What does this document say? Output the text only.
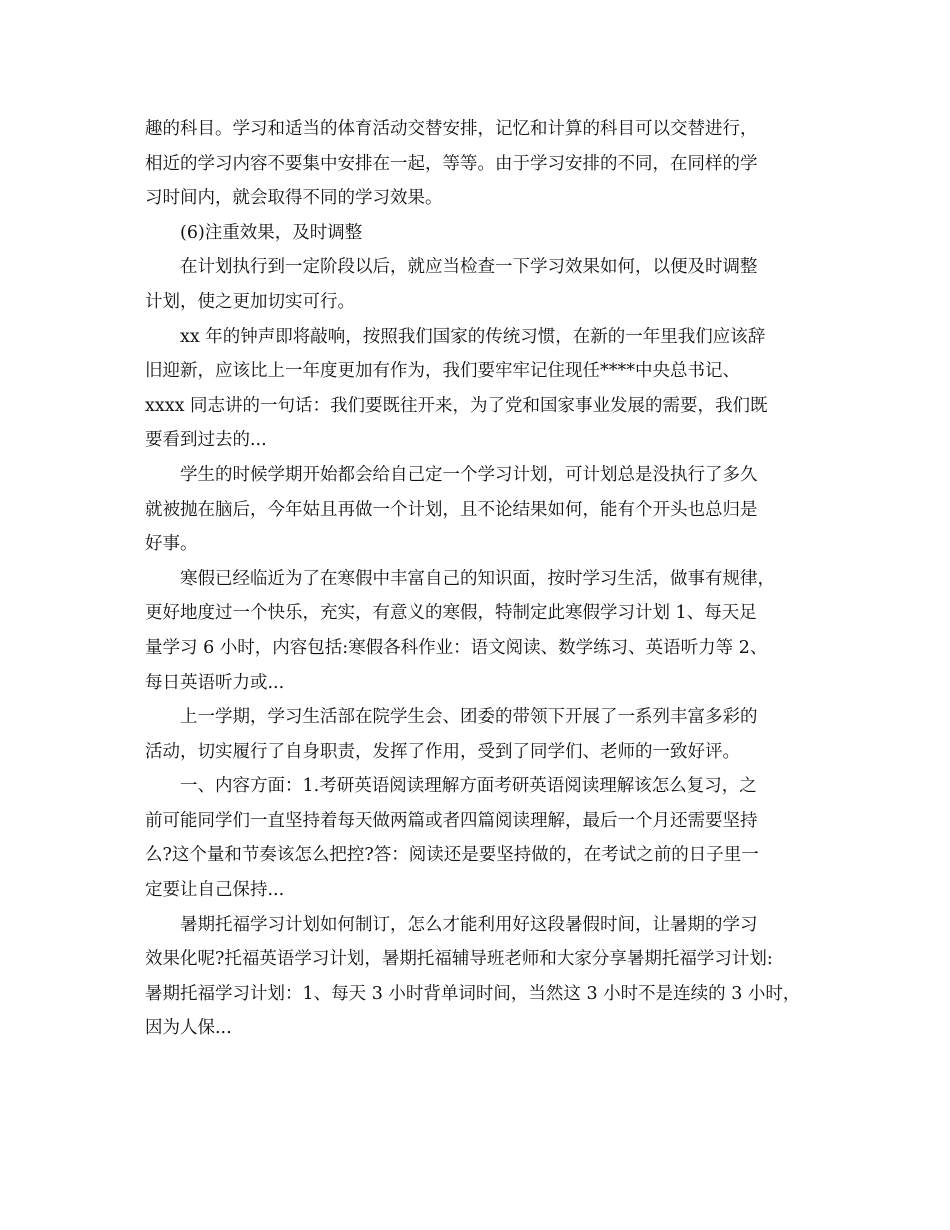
趣的科目。学习和适当的体育活动交替安排，记忆和计算的科目可以交替进行，
相近的学习内容不要集中安排在一起，等等。由于学习安排的不同，在同样的学
习时间内，就会取得不同的学习效果。
(6)注重效果，及时调整
在计划执行到一定阶段以后，就应当检查一下学习效果如何，以便及时调整
计划，使之更加切实可行。
xx 年的钟声即将敲响，按照我们国家的传统习惯，在新的一年里我们应该辞
旧迎新，应该比上一年度更加有作为，我们要牢牢记住现任****中央总书记、
xxxx 同志讲的一句话：我们要既往开来，为了党和国家事业发展的需要，我们既
要看到过去的...
学生的时候学期开始都会给自己定一个学习计划，可计划总是没执行了多久
就被抛在脑后，今年姑且再做一个计划，且不论结果如何，能有个开头也总归是
好事。
寒假已经临近为了在寒假中丰富自己的知识面，按时学习生活，做事有规律，
更好地度过一个快乐，充实，有意义的寒假，特制定此寒假学习计划 1、每天足
量学习 6 小时，内容包括:寒假各科作业：语文阅读、数学练习、英语听力等 2、
每日英语听力或...
上一学期，学习生活部在院学生会、团委的带领下开展了一系列丰富多彩的
活动，切实履行了自身职责，发挥了作用，受到了同学们、老师的一致好评。
一、内容方面：1.考研英语阅读理解方面考研英语阅读理解该怎么复习，之
前可能同学们一直坚持着每天做两篇或者四篇阅读理解，最后一个月还需要坚持
么?这个量和节奏该怎么把控?答：阅读还是要坚持做的，在考试之前的日子里一
定要让自己保持...
暑期托福学习计划如何制订，怎么才能利用好这段暑假时间，让暑期的学习
效果化呢?托福英语学习计划，暑期托福辅导班老师和大家分享暑期托福学习计划:
暑期托福学习计划：1、每天 3 小时背单词时间，当然这 3 小时不是连续的 3 小时，
因为人保...
